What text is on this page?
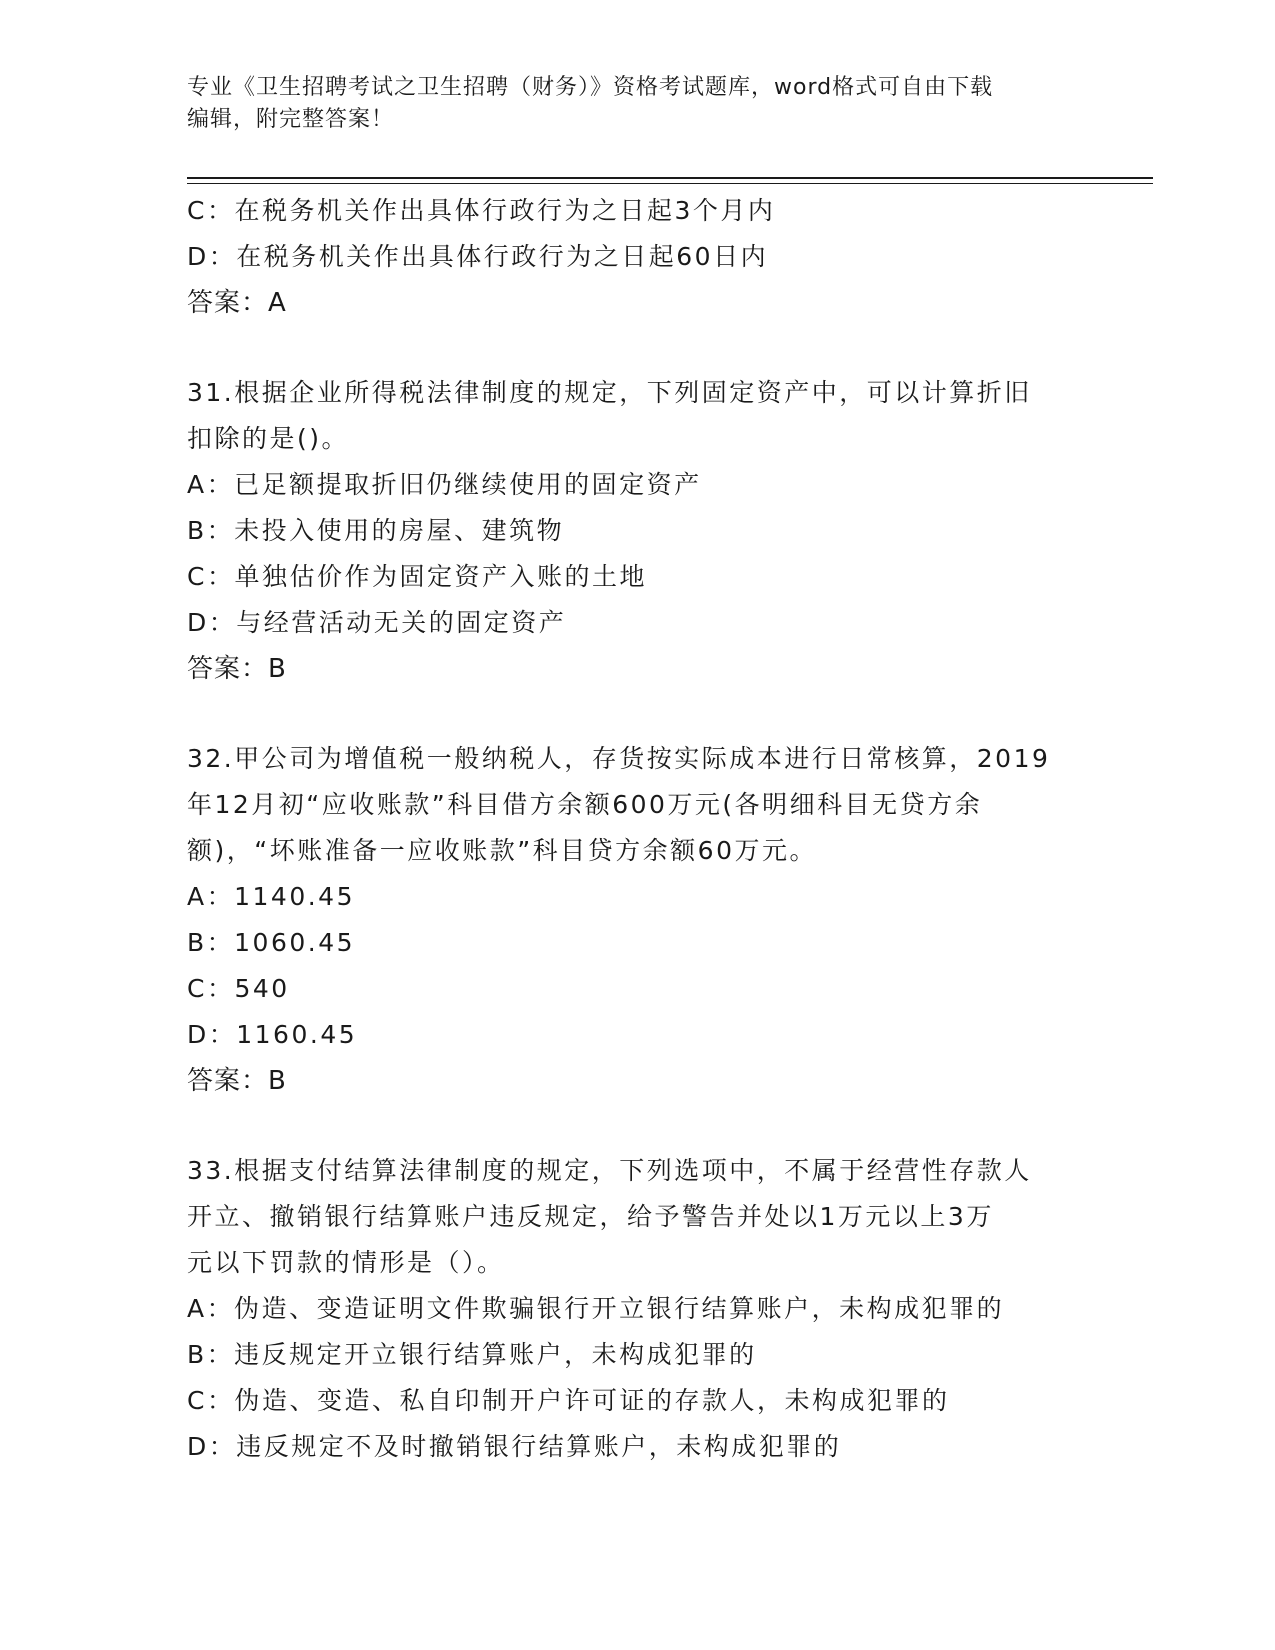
专业《卫生招聘考试之卫生招聘（财务）》资格考试题库，word格式可自由下载
编辑，附完整答案！
C：在税务机关作出具体行政行为之日起3个月内
D：在税务机关作出具体行政行为之日起60日内
答案：A
31.根据企业所得税法律制度的规定，下列固定资产中，可以计算折旧
扣除的是()。
A：已足额提取折旧仍继续使用的固定资产
B：未投入使用的房屋、建筑物
C：单独估价作为固定资产入账的土地
D：与经营活动无关的固定资产
答案：B
32.甲公司为增值税一般纳税人，存货按实际成本进行日常核算，2019
年12月初“应收账款”科目借方余额600万元(各明细科目无贷方余
额)，“坏账准备一应收账款”科目贷方余额60万元。
A：1140.45
B：1060.45
C：540
D：1160.45
答案：B
33.根据支付结算法律制度的规定，下列选项中，不属于经营性存款人
开立、撤销银行结算账户违反规定，给予警告并处以1万元以上3万
元以下罚款的情形是（）。
A：伪造、变造证明文件欺骗银行开立银行结算账户，未构成犯罪的
B：违反规定开立银行结算账户，未构成犯罪的
C：伪造、变造、私自印制开户许可证的存款人，未构成犯罪的
D：违反规定不及时撤销银行结算账户，未构成犯罪的
